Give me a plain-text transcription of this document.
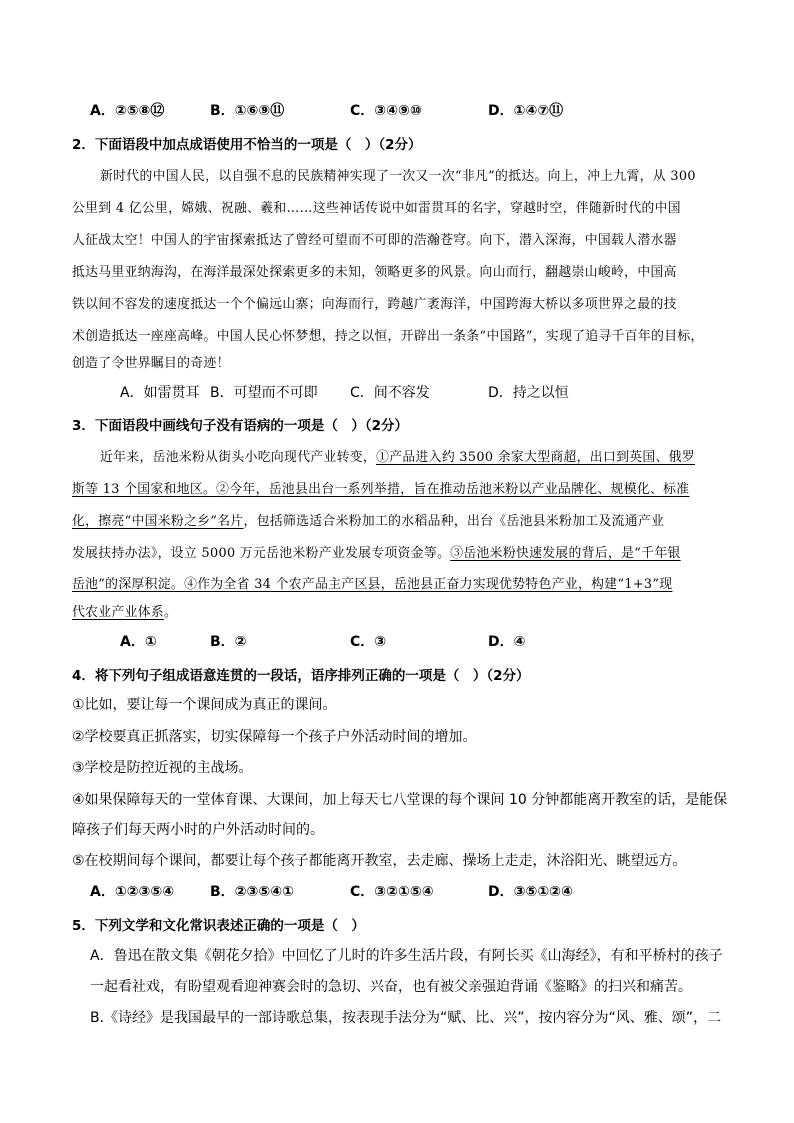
A．②⑤⑧⑫	B．①⑥⑨⑪	C．③④⑨⑩	D．①④⑦⑪
2．下面语段中加点成语使用不恰当的一项是（　）（2分）
新时代的中国人民，以自强不息的民族精神实现了一次又一次“非凡”的抵达。向上，冲上九霄，从 300
公里到 4 亿公里，嫦娥、祝融、羲和……这些神话传说中如雷贯耳的名字，穿越时空，伴随新时代的中国
人征战太空！中国人的宇宙探索抵达了曾经可望而不可即的浩瀚苍穹。向下，潜入深海，中国载人潜水器
抵达马里亚纳海沟，在海洋最深处探索更多的未知，领略更多的风景。向山而行，翻越崇山峻岭，中国高
铁以间不容发的速度抵达一个个偏远山寨；向海而行，跨越广袤海洋，中国跨海大桥以多项世界之最的技
术创造抵达一座座高峰。中国人民心怀梦想，持之以恒，开辟出一条条“中国路”，实现了追寻千百年的目标，
创造了令世界瞩目的奇迹！
A．如雷贯耳 B．可望而不可即 C．间不容发	D．持之以恒
3．下面语段中画线句子没有语病的一项是（　）（2分）
近年来，岳池米粉从街头小吃向现代产业转变，①产品进入约 3500 余家大型商超，出口到英国、俄罗
斯等 13 个国家和地区。②今年，岳池县出台一系列举措，旨在推动岳池米粉以产业品牌化、规模化、标准
化，擦亮“中国米粉之乡”名片，包括筛选适合米粉加工的水稻品种，出台《岳池县米粉加工及流通产业
发展扶持办法》，设立 5000 万元岳池米粉产业发展专项资金等。③岳池米粉快速发展的背后，是“千年银
岳池”的深厚积淀。④作为全省 34 个农产品主产区县，岳池县正奋力实现优势特色产业，构建“1+3”现
代农业产业体系。
A．①	B．②	C．③	D．④
4．将下列句子组成语意连贯的一段话，语序排列正确的一项是（　）（2分）
①比如，要让每一个课间成为真正的课间。
②学校要真正抓落实，切实保障每一个孩子户外活动时间的增加。
③学校是防控近视的主战场。
④如果保障每天的一堂体育课、大课间，加上每天七八堂课的每个课间 10 分钟都能离开教室的话，是能保
障孩子们每天两小时的户外活动时间的。
⑤在校期间每个课间，都要让每个孩子都能离开教室，去走廊、操场上走走，沐浴阳光、眺望远方。
A．①②③⑤④	B．②③⑤④①	C．③②①⑤④	D．③⑤①②④
5．下列文学和文化常识表述正确的一项是（　）
A．鲁迅在散文集《朝花夕拾》中回忆了儿时的许多生活片段，有阿长买《山海经》，有和平桥村的孩子
一起看社戏，有盼望观看迎神赛会时的急切、兴奋，也有被父亲强迫背诵《鉴略》的扫兴和痛苦。
B.《诗经》是我国最早的一部诗歌总集，按表现手法分为“赋、比、兴”，按内容分为“风、雅、颂”，二
